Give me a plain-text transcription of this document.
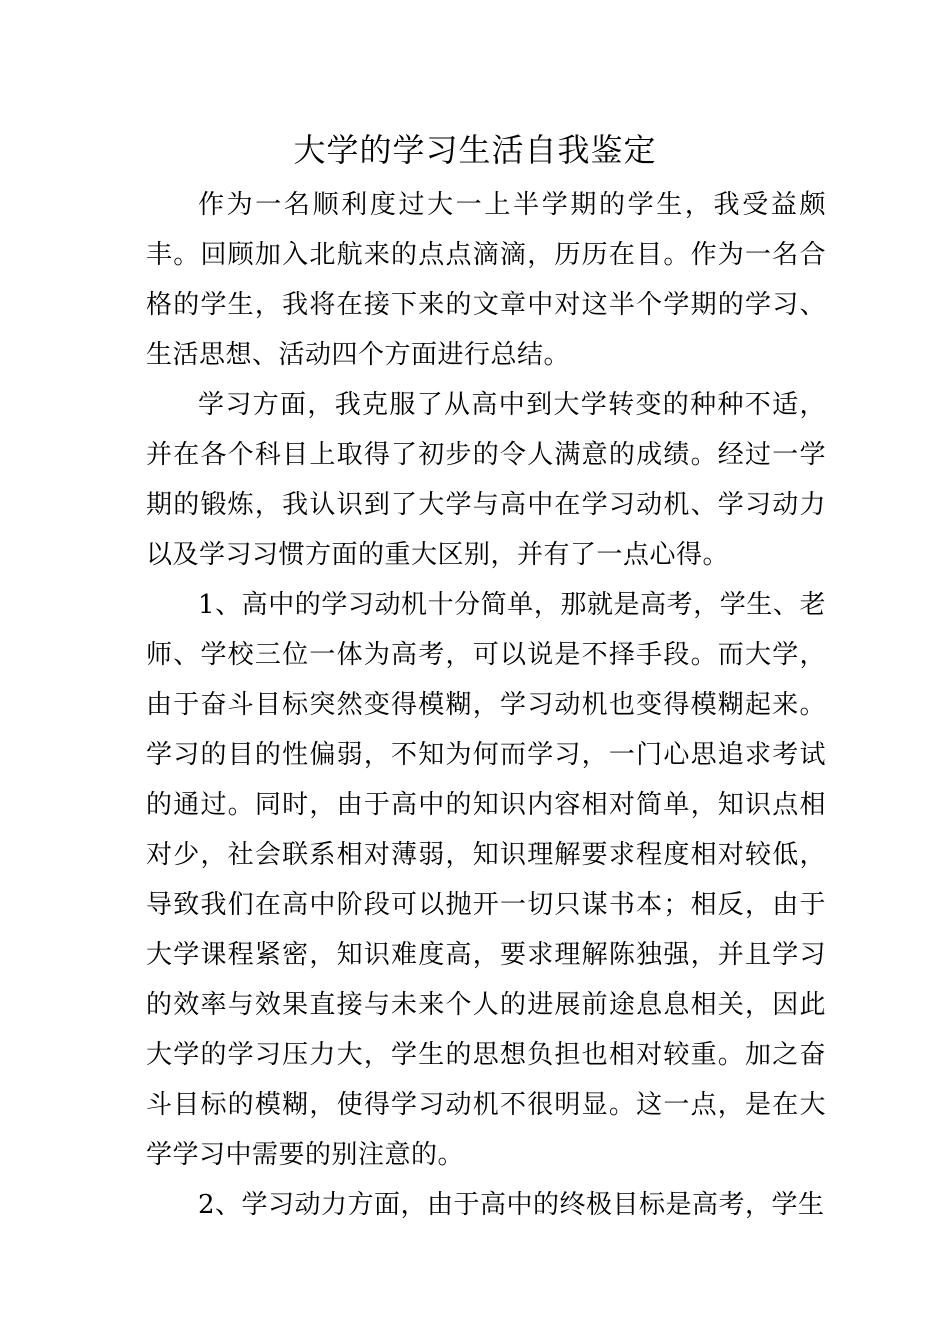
大学的学习生活自我鉴定

作为一名顺利度过大一上半学期的学生，我受益颇丰。回顾加入北航来的点点滴滴，历历在目。作为一名合格的学生，我将在接下来的文章中对这半个学期的学习、生活思想、活动四个方面进行总结。

学习方面，我克服了从高中到大学转变的种种不适，并在各个科目上取得了初步的令人满意的成绩。经过一学期的锻炼，我认识到了大学与高中在学习动机、学习动力以及学习习惯方面的重大区别，并有了一点心得。

1、高中的学习动机十分简单，那就是高考，学生、老师、学校三位一体为高考，可以说是不择手段。而大学，由于奋斗目标突然变得模糊，学习动机也变得模糊起来。学习的目的性偏弱，不知为何而学习，一门心思追求考试的通过。同时，由于高中的知识内容相对简单，知识点相对少，社会联系相对薄弱，知识理解要求程度相对较低，导致我们在高中阶段可以抛开一切只谋书本；相反，由于大学课程紧密，知识难度高，要求理解陈独强，并且学习的效率与效果直接与未来个人的进展前途息息相关，因此大学的学习压力大，学生的思想负担也相对较重。加之奋斗目标的模糊，使得学习动机不很明显。这一点，是在大学学习中需要的别注意的。

2、学习动力方面，由于高中的终极目标是高考，学生
